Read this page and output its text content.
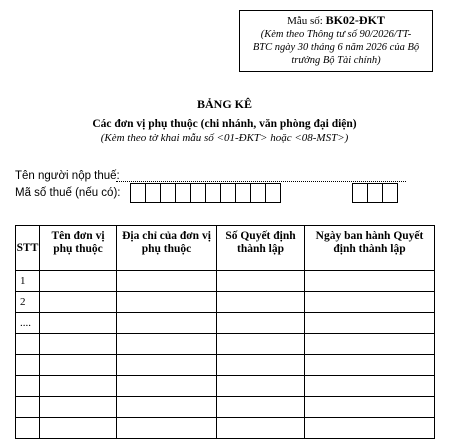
Mẫu số: BK02-ĐKT
(Kèm theo Thông tư số 90/2026/TT-
BTC ngày 30 tháng 6 năm 2026 của Bộ
trưởng Bộ Tài chính)
BẢNG KÊ
Các đơn vị phụ thuộc (chi nhánh, văn phòng đại diện)
(Kèm theo tờ khai mẫu số <01-ĐKT> hoặc <08-MST>)
Tên người nộp thuế:
Mã số thuế (nếu có):
STT	Tên đơn vị phụ thuộc	Địa chỉ của đơn vị phụ thuộc	Số Quyết định thành lập	Ngày ban hành Quyết định thành lập
1				
2				
....				
